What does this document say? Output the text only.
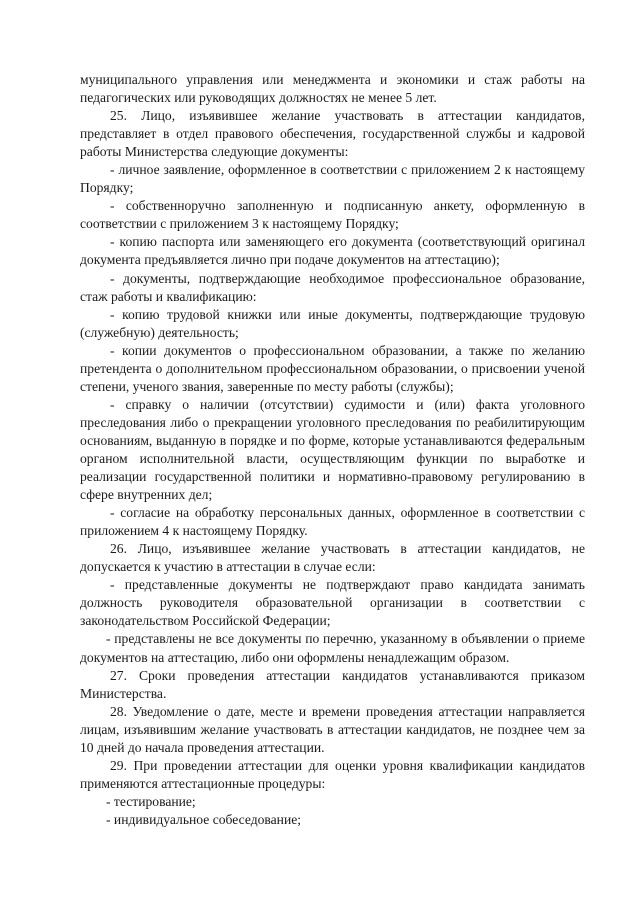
муниципального управления или менеджмента и экономики и стаж работы на педагогических или руководящих должностях не менее 5 лет.

25. Лицо, изъявившее желание участвовать в аттестации кандидатов, представляет в отдел правового обеспечения, государственной службы и кадровой работы Министерства следующие документы:

- личное заявление, оформленное в соответствии с приложением 2 к настоящему Порядку;

- собственноручно заполненную и подписанную анкету, оформленную в соответствии с приложением 3 к настоящему Порядку;

- копию паспорта или заменяющего его документа (соответствующий оригинал документа предъявляется лично при подаче документов на аттестацию);

- документы, подтверждающие необходимое профессиональное образование, стаж работы и квалификацию:

- копию трудовой книжки или иные документы, подтверждающие трудовую (служебную) деятельность;

- копии документов о профессиональном образовании, а также по желанию претендента о дополнительном профессиональном образовании, о присвоении ученой степени, ученого звания, заверенные по месту работы (службы);

- справку о наличии (отсутствии) судимости и (или) факта уголовного преследования либо о прекращении уголовного преследования по реабилитирующим основаниям, выданную в порядке и по форме, которые устанавливаются федеральным органом исполнительной власти, осуществляющим функции по выработке и реализации государственной политики и нормативно-правовому регулированию в сфере внутренних дел;

- согласие на обработку персональных данных, оформленное в соответствии с приложением 4 к настоящему Порядку.

26. Лицо, изъявившее желание участвовать в аттестации кандидатов, не допускается к участию в аттестации в случае если:

- представленные документы не подтверждают право кандидата занимать должность руководителя образовательной организации в соответствии с законодательством Российской Федерации;

- представлены не все документы по перечню, указанному в объявлении о приеме документов на аттестацию, либо они оформлены ненадлежащим образом.

27. Сроки проведения аттестации кандидатов устанавливаются приказом Министерства.

28. Уведомление о дате, месте и времени проведения аттестации направляется лицам, изъявившим желание участвовать в аттестации кандидатов, не позднее чем за 10 дней до начала проведения аттестации.

29. При проведении аттестации для оценки уровня квалификации кандидатов применяются аттестационные процедуры:

- тестирование;

- индивидуальное собеседование;
